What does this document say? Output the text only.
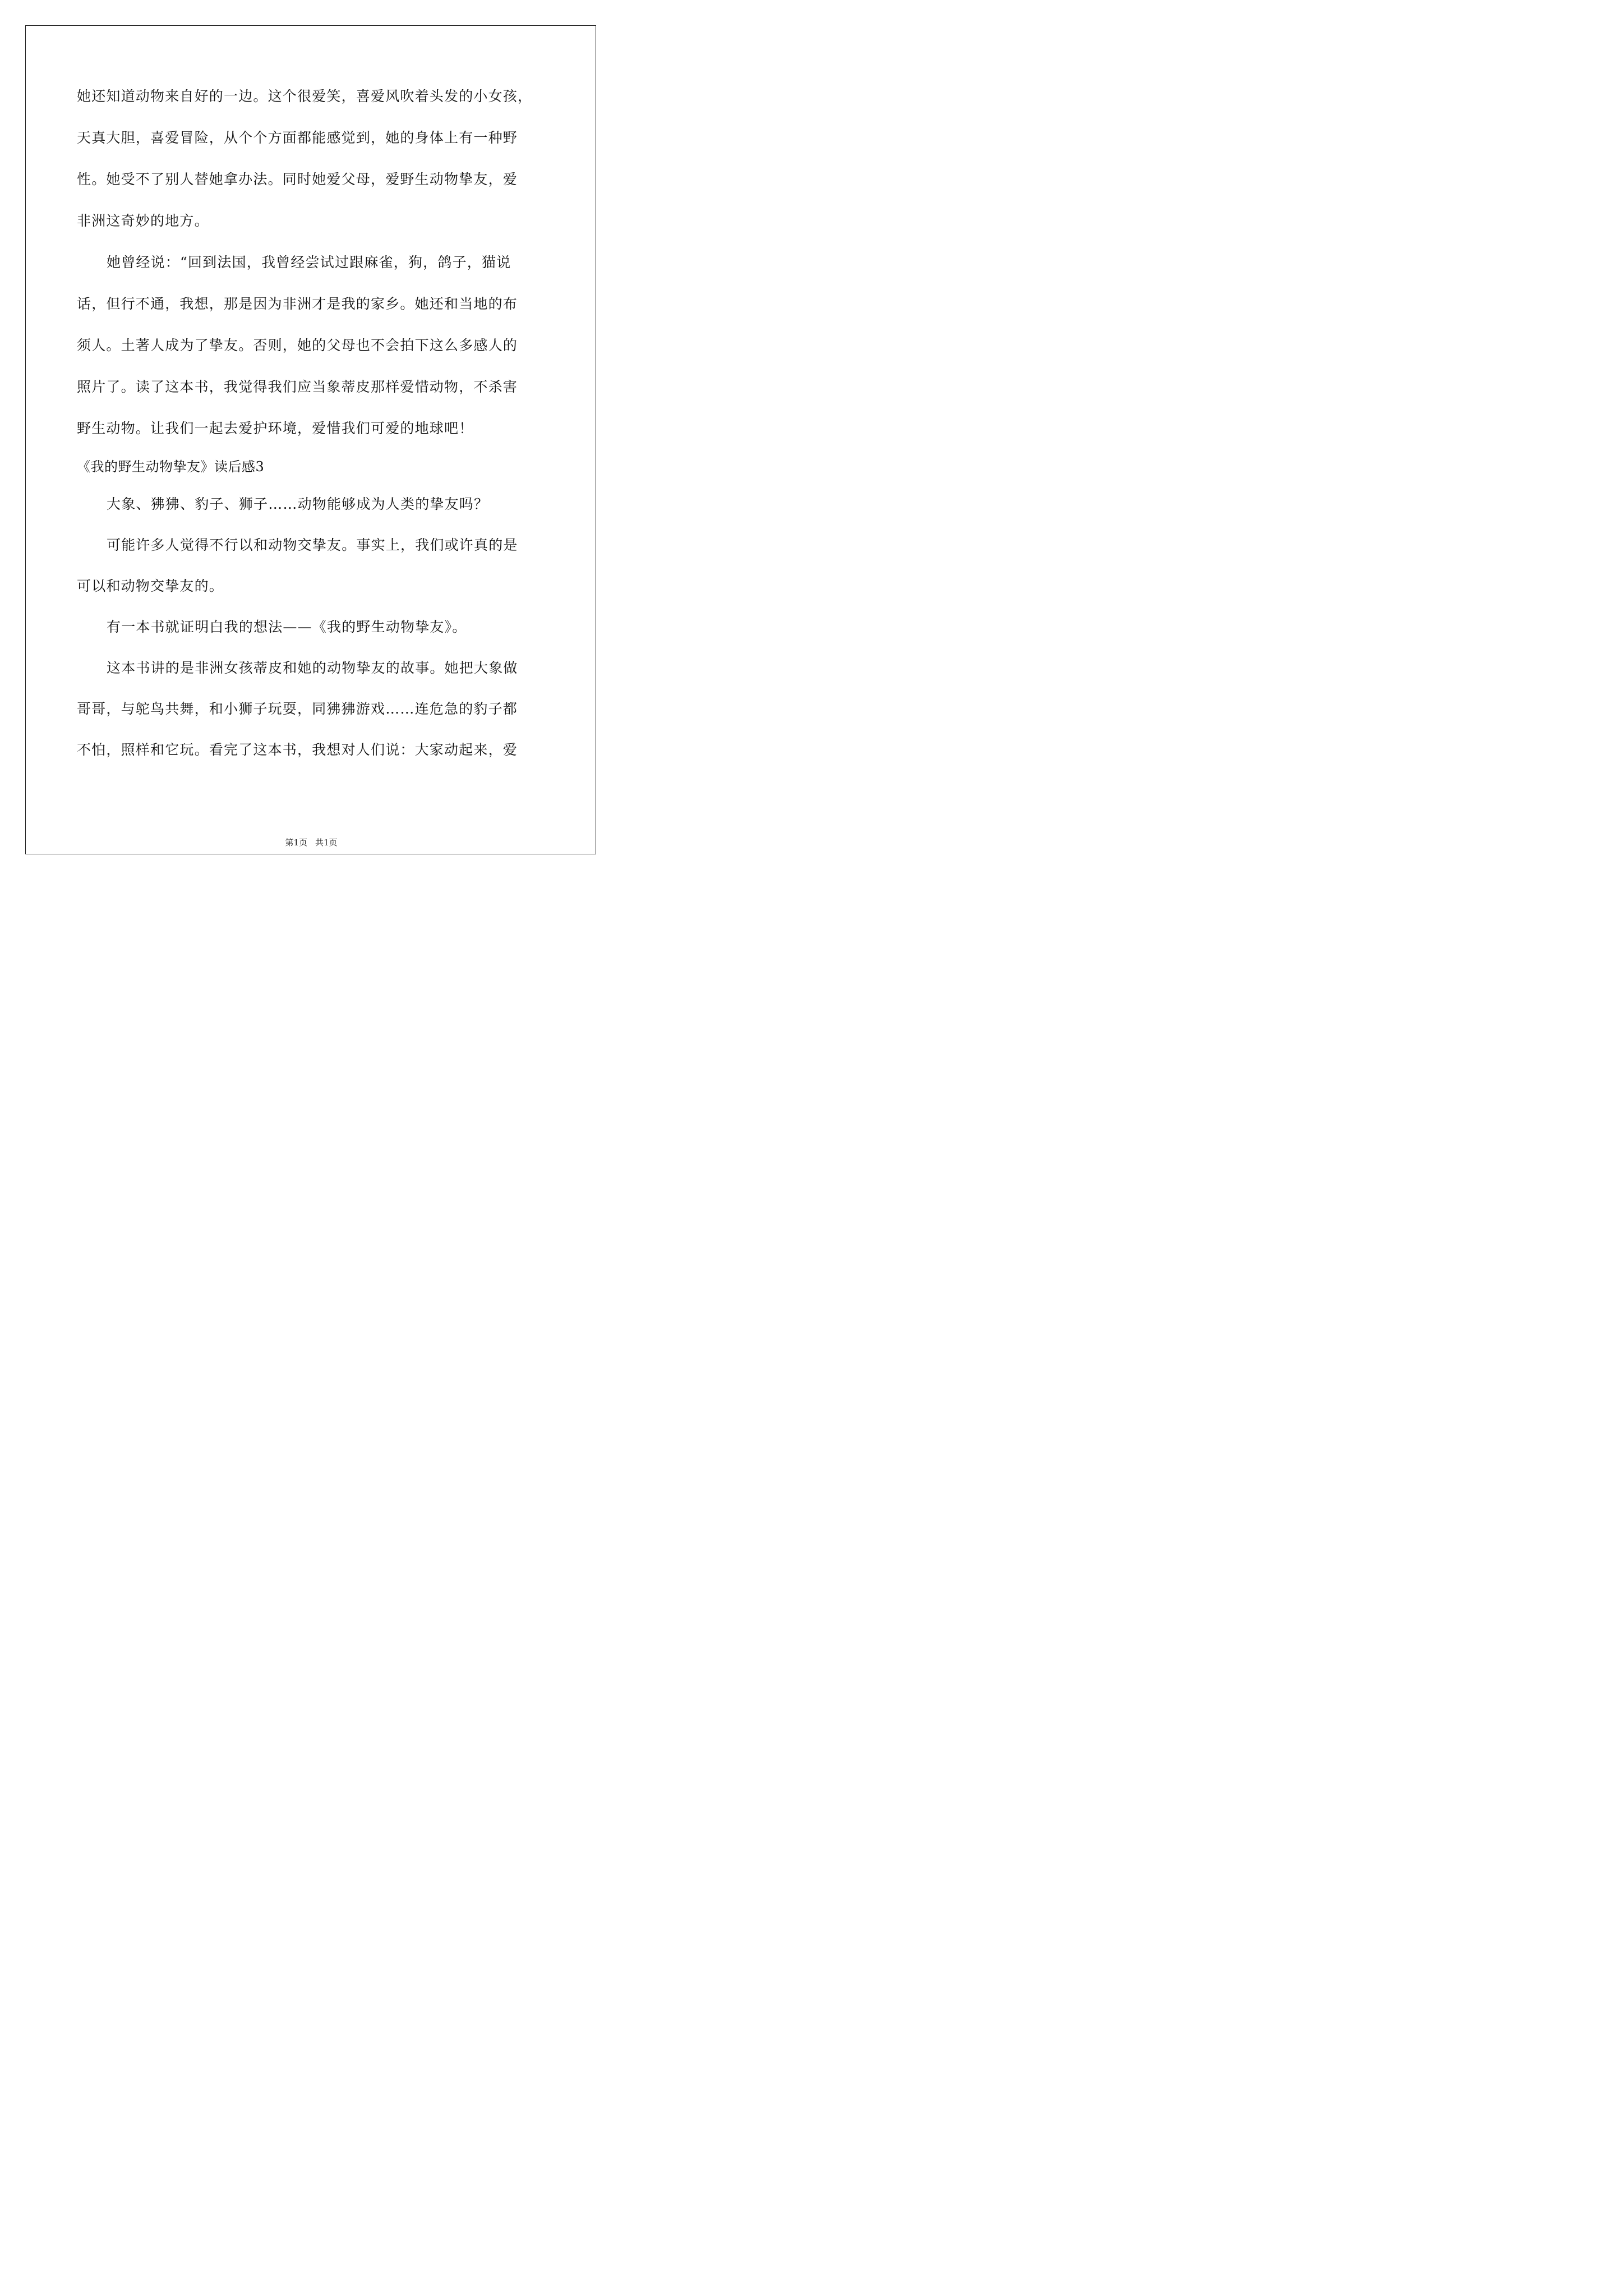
她还知道动物来自好的一边。这个很爱笑，喜爱风吹着头发的小女孩，
天真大胆，喜爱冒险，从个个方面都能感觉到，她的身体上有一种野
性。她受不了别人替她拿办法。同时她爱父母，爱野生动物挚友，爱
非洲这奇妙的地方。
她曾经说：“回到法国，我曾经尝试过跟麻雀，狗，鸽子，猫说
话，但行不通，我想，那是因为非洲才是我的家乡。她还和当地的布
须人。土著人成为了挚友。否则，她的父母也不会拍下这么多感人的
照片了。读了这本书，我觉得我们应当象蒂皮那样爱惜动物，不杀害
野生动物。让我们一起去爱护环境，爱惜我们可爱的地球吧！
《我的野生动物挚友》读后感3
大象、狒狒、豹子、狮子……动物能够成为人类的挚友吗？
可能许多人觉得不行以和动物交挚友。事实上，我们或许真的是
可以和动物交挚友的。
有一本书就证明白我的想法——《我的野生动物挚友》。
这本书讲的是非洲女孩蒂皮和她的动物挚友的故事。她把大象做
哥哥，与鸵鸟共舞，和小狮子玩耍，同狒狒游戏……连危急的豹子都
不怕，照样和它玩。看完了这本书，我想对人们说：大家动起来，爱
第1页 共1页
